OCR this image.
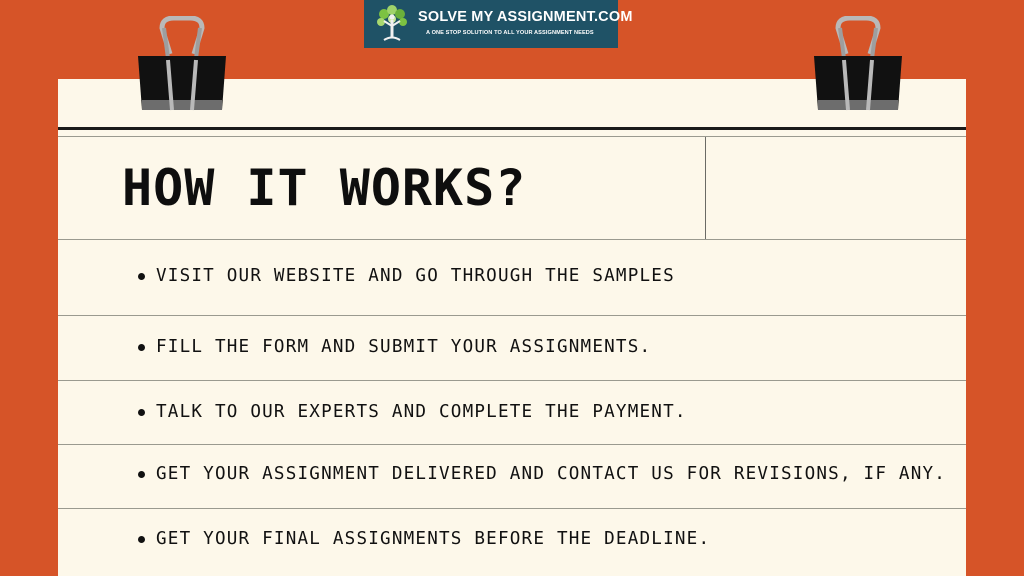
SOLVE MY ASSIGNMENT.COM
A ONE STOP SOLUTION TO ALL YOUR ASSIGNMENT NEEDS
HOW IT WORKS?
VISIT OUR WEBSITE AND GO THROUGH THE SAMPLES
FILL THE FORM AND SUBMIT YOUR ASSIGNMENTS.
TALK TO OUR EXPERTS AND COMPLETE THE PAYMENT.
GET YOUR ASSIGNMENT DELIVERED AND CONTACT US FOR REVISIONS, IF ANY.
GET YOUR FINAL ASSIGNMENTS BEFORE THE DEADLINE.
